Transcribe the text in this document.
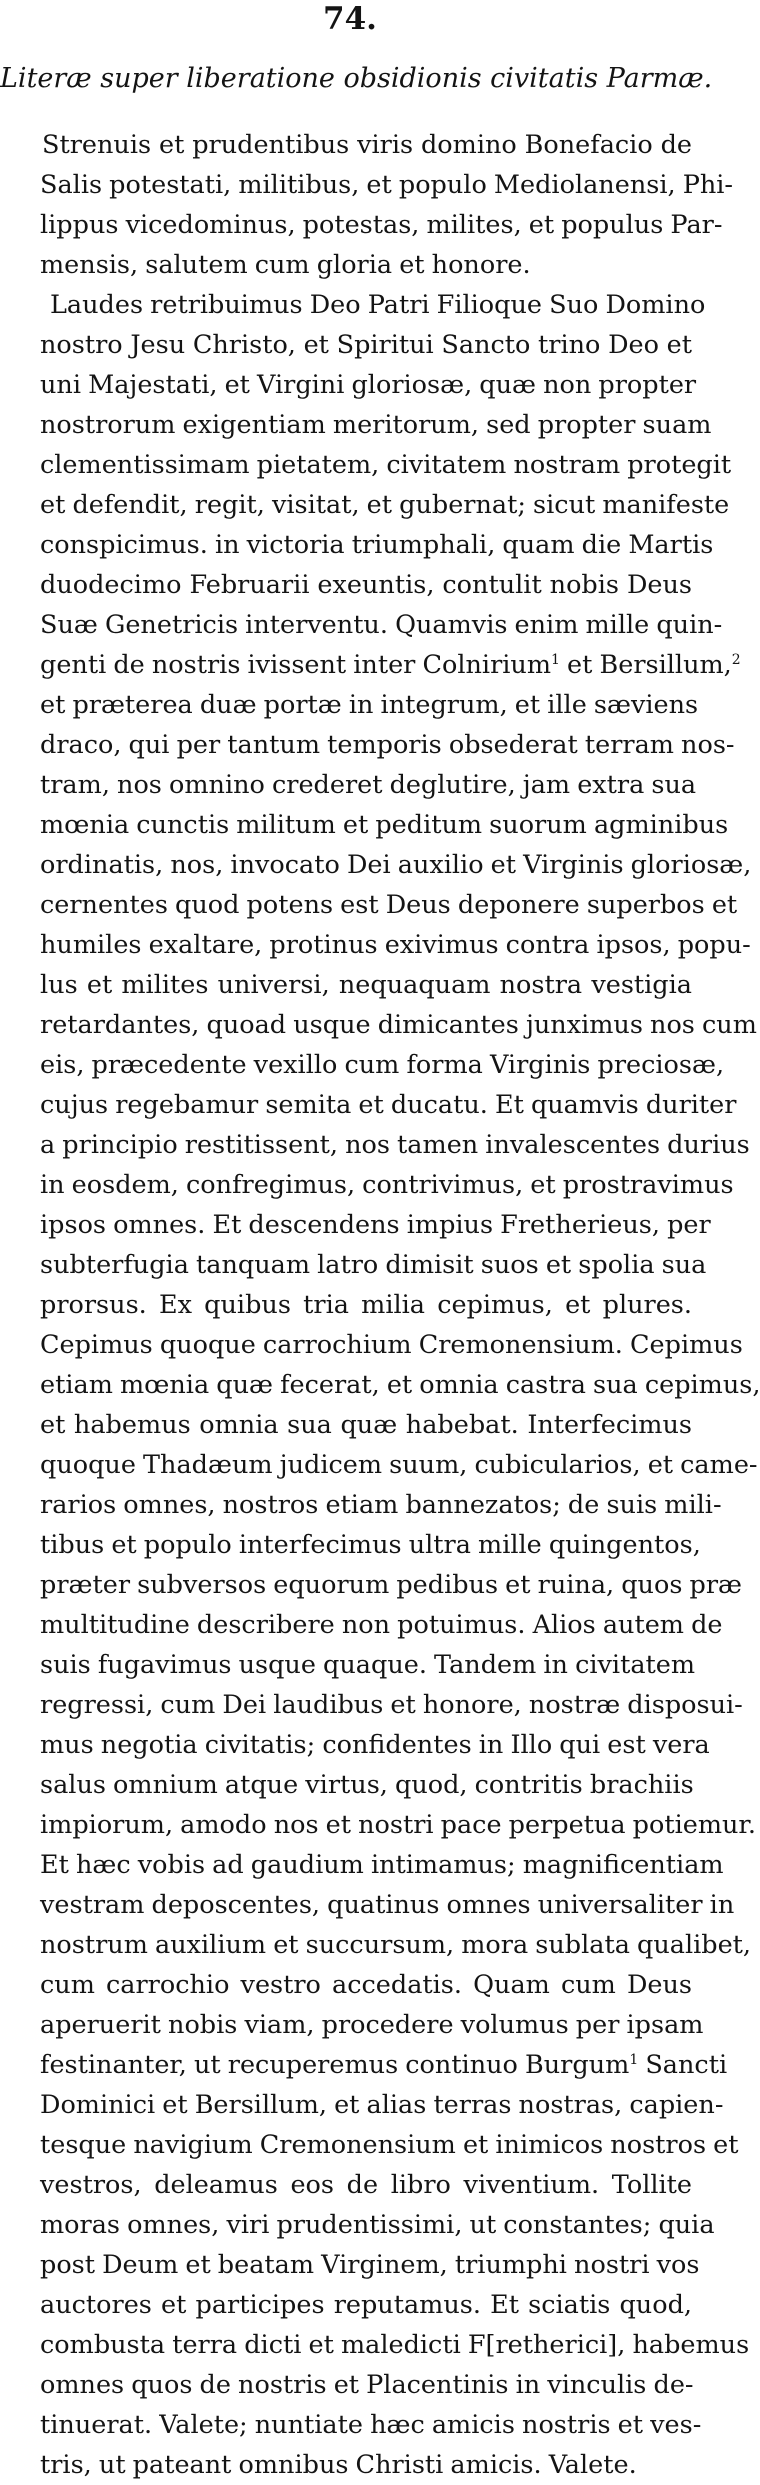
74.
Literæ super liberatione obsidionis civitatis Parmæ.
Strenuis et prudentibus viris domino Bonefacio de
Salis potestati, militibus, et populo Mediolanensi, Phi-
lippus vicedominus, potestas, milites, et populus Par-
mensis, salutem cum gloria et honore.
Laudes retribuimus Deo Patri Filioque Suo Domino
nostro Jesu Christo, et Spiritui Sancto trino Deo et
uni Majestati, et Virgini gloriosæ, quæ non propter
nostrorum exigentiam meritorum, sed propter suam
clementissimam pietatem, civitatem nostram protegit
et defendit, regit, visitat, et gubernat; sicut manifeste
conspicimus. in victoria triumphali, quam die Martis
duodecimo Februarii exeuntis, contulit nobis Deus
Suæ Genetricis interventu. Quamvis enim mille quin-
genti de nostris ivissent inter Colnirium$^1$ et Bersillum,$^2$
et præterea duæ portæ in integrum, et ille sæviens
draco, qui per tantum temporis obsederat terram nos-
tram, nos omnino crederet deglutire, jam extra sua
mœnia cunctis militum et peditum suorum agminibus
ordinatis, nos, invocato Dei auxilio et Virginis gloriosæ,
cernentes quod potens est Deus deponere superbos et
humiles exaltare, protinus exivimus contra ipsos, popu-
lus et milites universi, nequaquam nostra vestigia
retardantes, quoad usque dimicantes junximus nos cum
eis, præcedente vexillo cum forma Virginis preciosæ,
cujus regebamur semita et ducatu. Et quamvis duriter
a principio restitissent, nos tamen invalescentes durius
in eosdem, confregimus, contrivimus, et prostravimus
ipsos omnes. Et descendens impius Fretherieus, per
subterfugia tanquam latro dimisit suos et spolia sua
prorsus. Ex quibus tria milia cepimus, et plures.
Cepimus quoque carrochium Cremonensium. Cepimus
etiam mœnia quæ fecerat, et omnia castra sua cepimus,
et habemus omnia sua quæ habebat. Interfecimus
quoque Thadæum judicem suum, cubicularios, et came-
rarios omnes, nostros etiam bannezatos; de suis mili-
tibus et populo interfecimus ultra mille quingentos,
præter subversos equorum pedibus et ruina, quos præ
multitudine describere non potuimus. Alios autem de
suis fugavimus usque quaque. Tandem in civitatem
regressi, cum Dei laudibus et honore, nostræ disposui-
mus negotia civitatis; confidentes in Illo qui est vera
salus omnium atque virtus, quod, contritis brachiis
impiorum, amodo nos et nostri pace perpetua potiemur.
Et hæc vobis ad gaudium intimamus; magnificentiam
vestram deposcentes, quatinus omnes universaliter in
nostrum auxilium et succursum, mora sublata qualibet,
cum carrochio vestro accedatis. Quam cum Deus
aperuerit nobis viam, procedere volumus per ipsam
festinanter, ut recuperemus continuo Burgum$^1$ Sancti
Dominici et Bersillum, et alias terras nostras, capien-
tesque navigium Cremonensium et inimicos nostros et
vestros, deleamus eos de libro viventium. Tollite
moras omnes, viri prudentissimi, ut constantes; quia
post Deum et beatam Virginem, triumphi nostri vos
auctores et participes reputamus. Et sciatis quod,
combusta terra dicti et maledicti F[retherici], habemus
omnes quos de nostris et Placentinis in vinculis de-
tinuerat. Valete; nuntiate hæc amicis nostris et ves-
tris, ut pateant omnibus Christi amicis. Valete.
